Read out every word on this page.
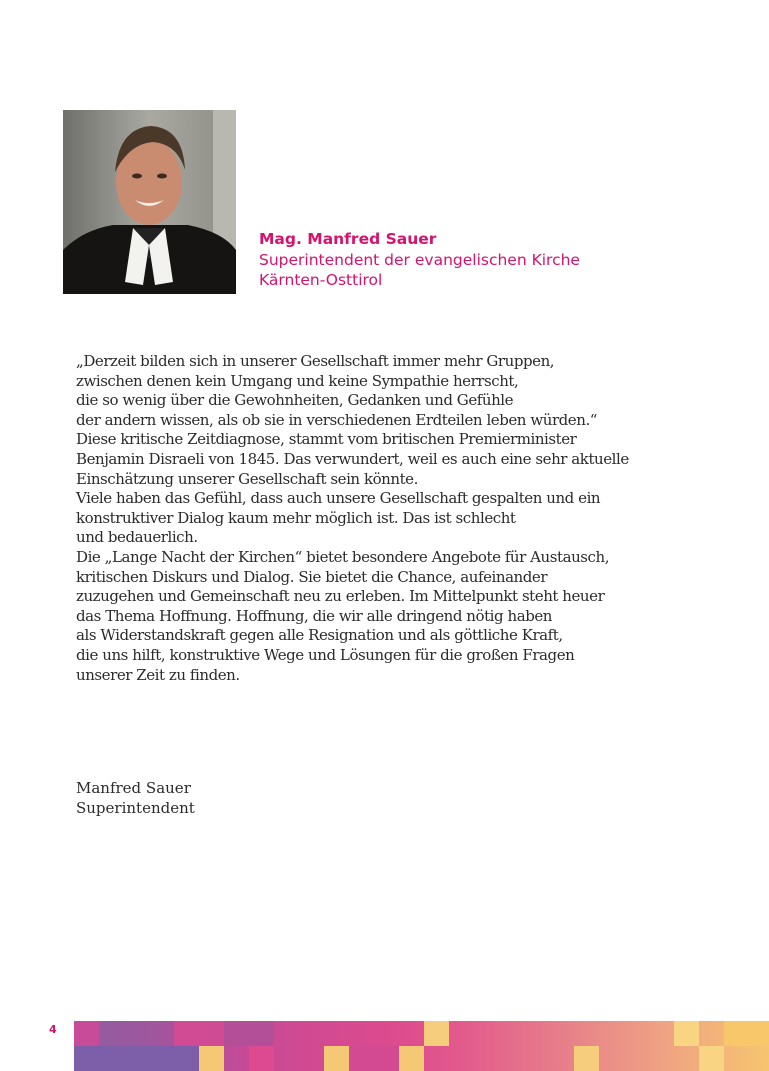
Mag. Manfred Sauer
Superintendent der evangelischen Kirche
Kärnten-Osttirol
„Derzeit bilden sich in unserer Gesellschaft immer mehr Gruppen,
zwischen denen kein Umgang und keine Sympathie herrscht,
die so wenig über die Gewohnheiten, Gedanken und Gefühle
der andern wissen, als ob sie in verschiedenen Erdteilen leben würden.“
Diese kritische Zeitdiagnose, stammt vom britischen Premierminister
Benjamin Disraeli von 1845. Das verwundert, weil es auch eine sehr aktuelle
Einschätzung unserer Gesellschaft sein könnte.
Viele haben das Gefühl, dass auch unsere Gesellschaft gespalten und ein
konstruktiver Dialog kaum mehr möglich ist. Das ist schlecht
und bedauerlich.
Die „Lange Nacht der Kirchen“ bietet besondere Angebote für Austausch,
kritischen Diskurs und Dialog. Sie bietet die Chance, aufeinander
zuzugehen und Gemeinschaft neu zu erleben. Im Mittelpunkt steht heuer
das Thema Hoffnung. Hoffnung, die wir alle dringend nötig haben
als Widerstandskraft gegen alle Resignation und als göttliche Kraft,
die uns hilft, konstruktive Wege und Lösungen für die großen Fragen
unserer Zeit zu finden.
Manfred Sauer
Superintendent
4
